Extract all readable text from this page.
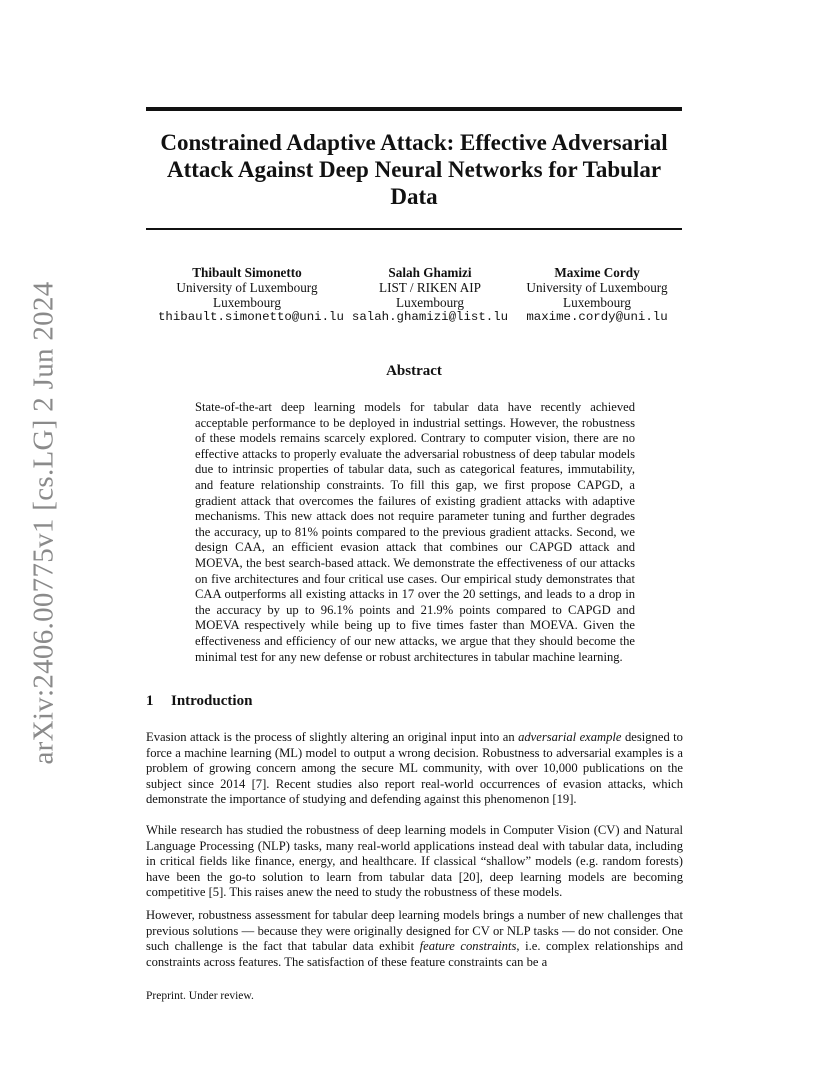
arXiv:2406.00775v1 [cs.LG] 2 Jun 2024
Constrained Adaptive Attack: Effective Adversarial Attack Against Deep Neural Networks for Tabular Data
Thibault Simonetto
University of Luxembourg
Luxembourg
thibault.simonetto@uni.lu
Salah Ghamizi
LIST / RIKEN AIP
Luxembourg
salah.ghamizi@list.lu
Maxime Cordy
University of Luxembourg
Luxembourg
maxime.cordy@uni.lu
Abstract

State-of-the-art deep learning models for tabular data have recently achieved acceptable performance to be deployed in industrial settings. However, the robustness of these models remains scarcely explored. Contrary to computer vision, there are no effective attacks to properly evaluate the adversarial robustness of deep tabular models due to intrinsic properties of tabular data, such as categorical features, immutability, and feature relationship constraints. To fill this gap, we first propose CAPGD, a gradient attack that overcomes the failures of existing gradient attacks with adaptive mechanisms. This new attack does not require parameter tuning and further degrades the accuracy, up to 81% points compared to the previous gradient attacks. Second, we design CAA, an efficient evasion attack that combines our CAPGD attack and MOEVA, the best search-based attack. We demonstrate the effectiveness of our attacks on five architectures and four critical use cases. Our empirical study demonstrates that CAA outperforms all existing attacks in 17 over the 20 settings, and leads to a drop in the accuracy by up to 96.1% points and 21.9% points compared to CAPGD and MOEVA respectively while being up to five times faster than MOEVA. Given the effectiveness and efficiency of our new attacks, we argue that they should become the minimal test for any new defense or robust architectures in tabular machine learning.

1 Introduction

Evasion attack is the process of slightly altering an original input into an adversarial example designed to force a machine learning (ML) model to output a wrong decision. Robustness to adversarial examples is a problem of growing concern among the secure ML community, with over 10,000 publications on the subject since 2014 [7]. Recent studies also report real-world occurrences of evasion attacks, which demonstrate the importance of studying and defending against this phenomenon [19].

While research has studied the robustness of deep learning models in Computer Vision (CV) and Natural Language Processing (NLP) tasks, many real-world applications instead deal with tabular data, including in critical fields like finance, energy, and healthcare. If classical “shallow” models (e.g. random forests) have been the go-to solution to learn from tabular data [20], deep learning models are becoming competitive [5]. This raises anew the need to study the robustness of these models.

However, robustness assessment for tabular deep learning models brings a number of new challenges that previous solutions — because they were originally designed for CV or NLP tasks — do not consider. One such challenge is the fact that tabular data exhibit feature constraints, i.e. complex relationships and constraints across features. The satisfaction of these feature constraints can be a

Preprint. Under review.
